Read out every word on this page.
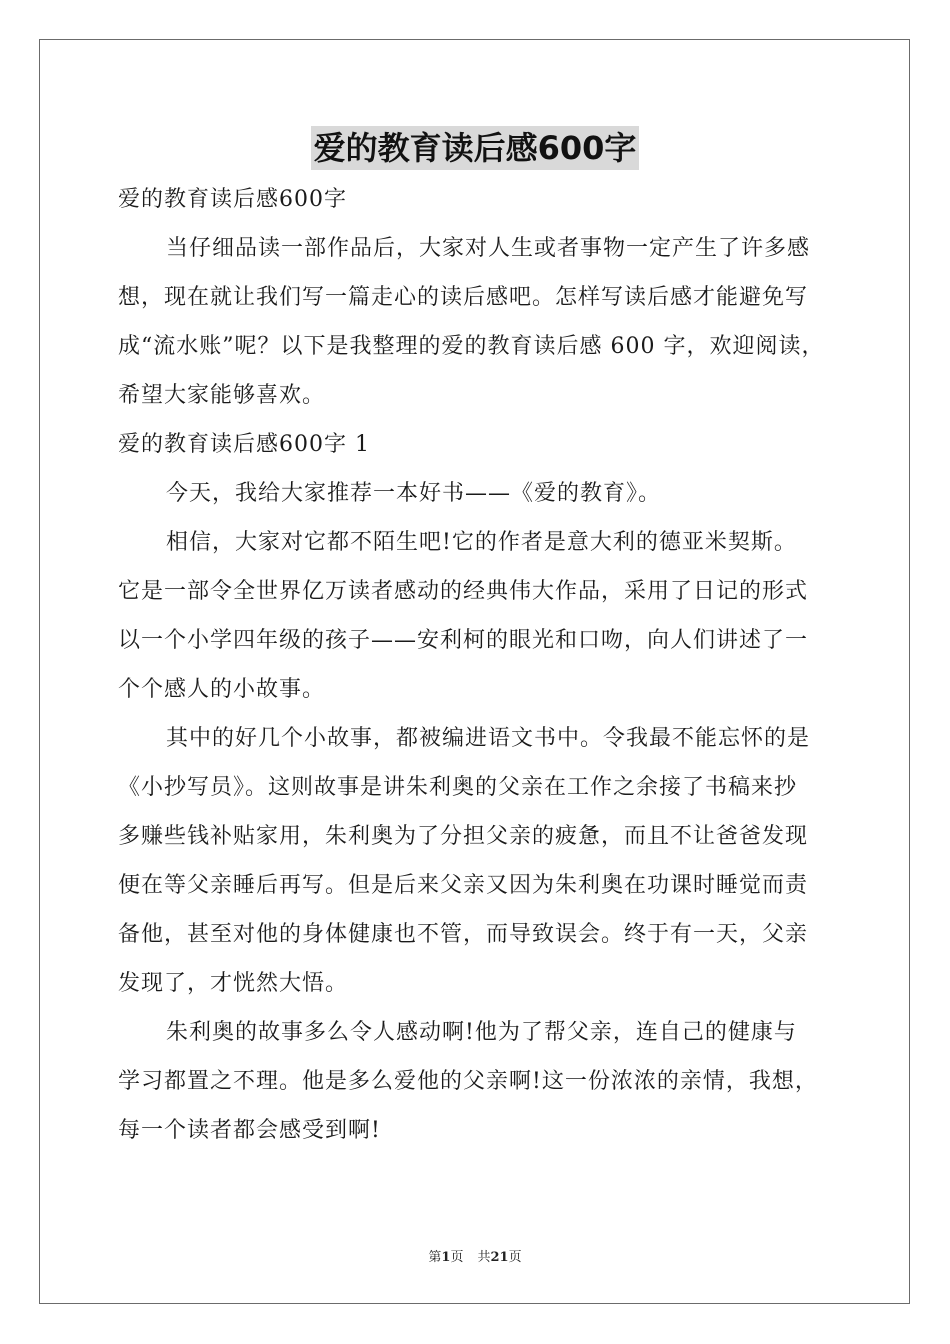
爱的教育读后感600字
爱的教育读后感600字
当仔细品读一部作品后，大家对人生或者事物一定产生了许多感
想，现在就让我们写一篇走心的读后感吧。怎样写读后感才能避免写
成“流水账”呢？以下是我整理的爱的教育读后感 600 字，欢迎阅读，
希望大家能够喜欢。
爱的教育读后感600字 1
今天，我给大家推荐一本好书——《爱的教育》。
相信，大家对它都不陌生吧!它的作者是意大利的德亚米契斯。
它是一部令全世界亿万读者感动的经典伟大作品，采用了日记的形式
以一个小学四年级的孩子——安利柯的眼光和口吻，向人们讲述了一
个个感人的小故事。
其中的好几个小故事，都被编进语文书中。令我最不能忘怀的是
《小抄写员》。这则故事是讲朱利奥的父亲在工作之余接了书稿来抄
多赚些钱补贴家用，朱利奥为了分担父亲的疲惫，而且不让爸爸发现
便在等父亲睡后再写。但是后来父亲又因为朱利奥在功课时睡觉而责
备他，甚至对他的身体健康也不管，而导致误会。终于有一天，父亲
发现了，才恍然大悟。
朱利奥的故事多么令人感动啊!他为了帮父亲，连自己的健康与
学习都置之不理。他是多么爱他的父亲啊!这一份浓浓的亲情，我想，
每一个读者都会感受到啊!
第1页 共21页
